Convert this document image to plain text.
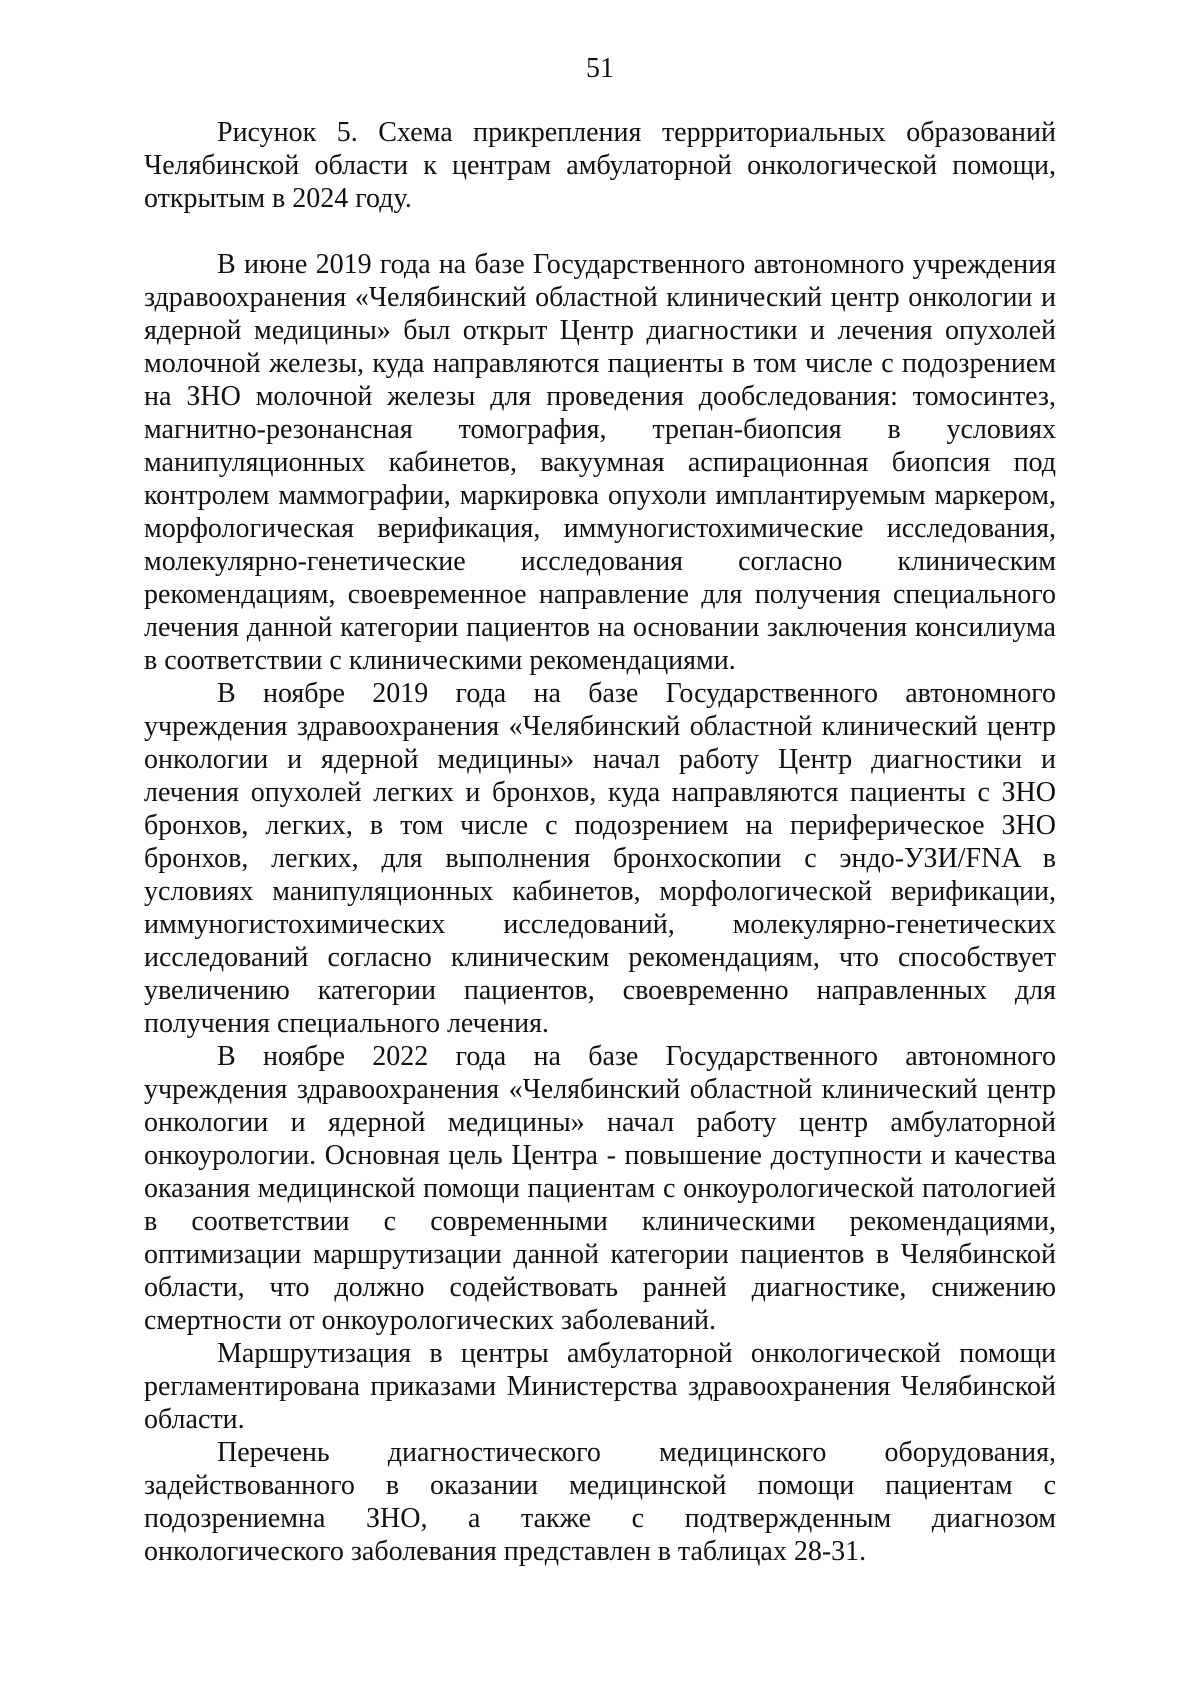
51

Рисунок 5. Схема прикрепления террриториальных образований Челябинской области к центрам амбулаторной онкологической помощи, открытым в 2024 году.

В июне 2019 года на базе Государственного автономного учреждения здравоохранения «Челябинский областной клинический центр онкологии и ядерной медицины» был открыт Центр диагностики и лечения опухолей молочной железы, куда направляются пациенты в том числе с подозрением на ЗНО молочной железы для проведения дообследования: томосинтез, магнитно-резонансная томография, трепан-биопсия в условиях манипуляционных кабинетов, вакуумная аспирационная биопсия под контролем маммографии, маркировка опухоли имплантируемым маркером, морфологическая верификация, иммуногистохимические исследования, молекулярно-генетические исследования согласно клиническим рекомендациям, своевременное направление для получения специального лечения данной категории пациентов на основании заключения консилиума в соответствии с клиническими рекомендациями.

В ноябре 2019 года на базе Государственного автономного учреждения здравоохранения «Челябинский областной клинический центр онкологии и ядерной медицины» начал работу Центр диагностики и лечения опухолей легких и бронхов, куда направляются пациенты с ЗНО бронхов, легких, в том числе с подозрением на периферическое ЗНО бронхов, легких, для выполнения бронхоскопии с эндо-УЗИ/FNA в условиях манипуляционных кабинетов, морфологической верификации, иммуногистохимических исследований, молекулярно-генетических исследований согласно клиническим рекомендациям, что способствует увеличению категории пациентов, своевременно направленных для получения специального лечения.

В ноябре 2022 года на базе Государственного автономного учреждения здравоохранения «Челябинский областной клинический центр онкологии и ядерной медицины» начал работу центр амбулаторной онкоурологии. Основная цель Центра - повышение доступности и качества оказания медицинской помощи пациентам с онкоурологической патологией в соответствии с современными клиническими рекомендациями, оптимизации маршрутизации данной категории пациентов в Челябинской области, что должно содействовать ранней диагностике, снижению смертности от онкоурологических заболеваний.

Маршрутизация в центры амбулаторной онкологической помощи регламентирована приказами Министерства здравоохранения Челябинской области.

Перечень диагностического медицинского оборудования, задействованного в оказании медицинской помощи пациентам с подозрениемна ЗНО, а также с подтвержденным диагнозом онкологического заболевания представлен в таблицах 28-31.
